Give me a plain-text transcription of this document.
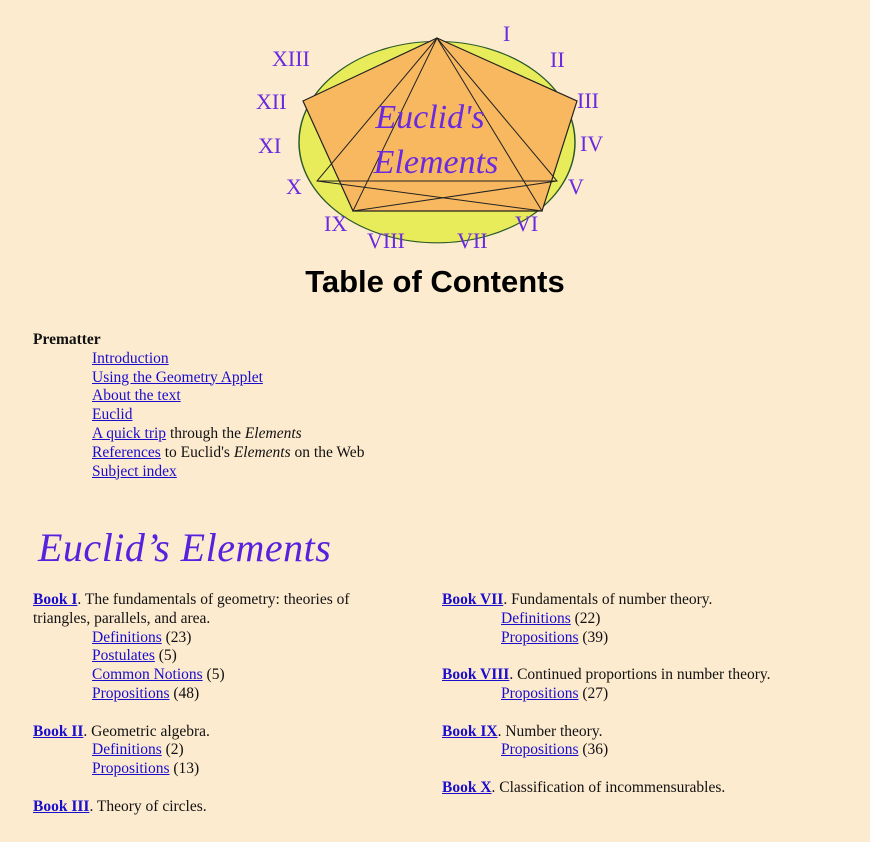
Euclid's
Elements
I
II
III
IV
V
VI
VII
VIII
IX
X
XI
XII
XIII
Table of Contents
Prematter
Introduction
Using the Geometry Applet
About the text
Euclid
A quick trip through the Elements
References to Euclid's Elements on the Web
Subject index
Euclid’s Elements
Book I. The fundamentals of geometry: theories of triangles, parallels, and area.
Definitions (23)
Postulates (5)
Common Notions (5)
Propositions (48)
Book II. Geometric algebra.
Definitions (2)
Propositions (13)
Book III. Theory of circles.
Book VII. Fundamentals of number theory.
Definitions (22)
Propositions (39)
Book VIII. Continued proportions in number theory.
Propositions (27)
Book IX. Number theory.
Propositions (36)
Book X. Classification of incommensurables.
